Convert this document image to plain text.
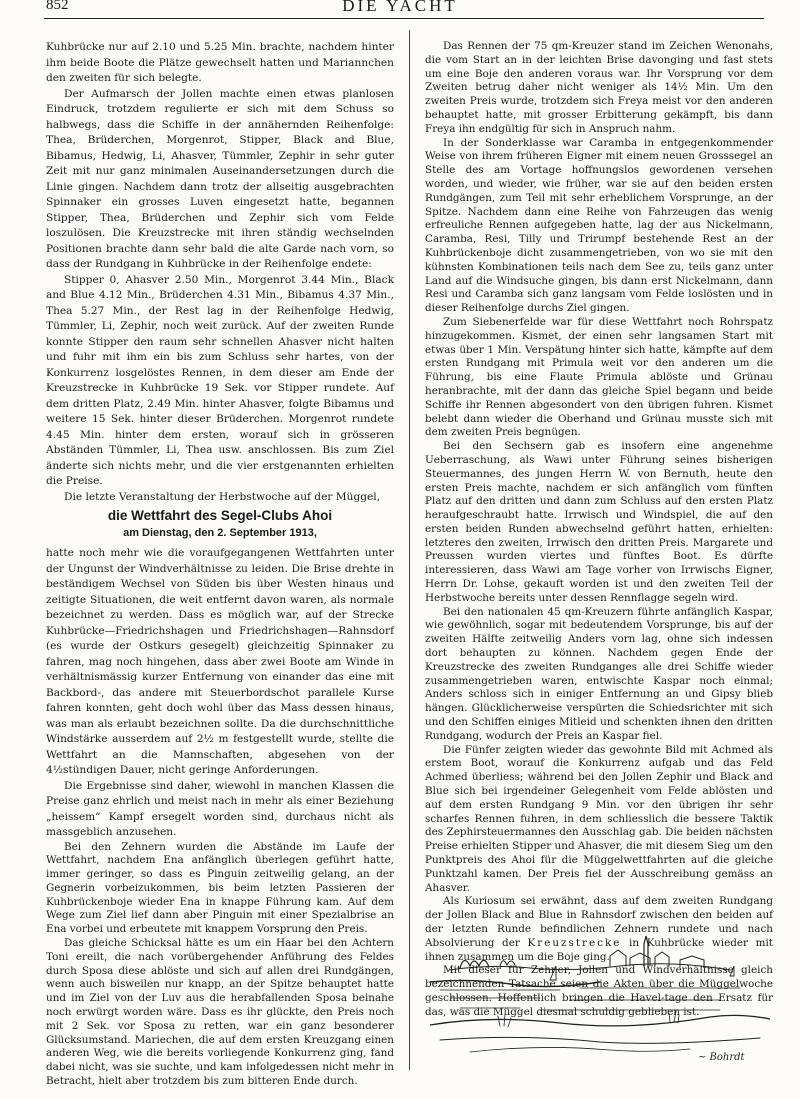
852	DIE YACHT

Kuhbrücke nur auf 2.10 und 5.25 Min. brachte, nachdem hinter ihm beide Boote die Plätze gewechselt hatten und Mariannchen den zweiten für sich belegte.

Der Aufmarsch der Jollen machte einen etwas planlosen Eindruck, trotzdem regulierte er sich mit dem Schuss so halbwegs, dass die Schiffe in der annähernden Reihenfolge: Thea, Brüderchen, Morgenrot, Stipper, Black and Blue, Bibamus, Hedwig, Li, Ahasver, Tümmler, Zephir in sehr guter Zeit mit nur ganz minimalen Auseinandersetzungen durch die Linie gingen. Nachdem dann trotz der allseitig ausgebrachten Spinnaker ein grosses Luven eingesetzt hatte, begannen Stipper, Thea, Brüderchen und Zephir sich vom Felde loszulösen. Die Kreuzstrecke mit ihren ständig wechselnden Positionen brachte dann sehr bald die alte Garde nach vorn, so dass der Rundgang in Kuhbrücke in der Reihenfolge endete:

Stipper 0, Ahasver 2.50 Min., Morgenrot 3.44 Min., Black and Blue 4.12 Min., Brüderchen 4.31 Min., Bibamus 4.37 Min., Thea 5.27 Min., der Rest lag in der Reihenfolge Hedwig, Tümmler, Li, Zephir, noch weit zurück. Auf der zweiten Runde konnte Stipper den raum sehr schnellen Ahasver nicht halten und fuhr mit ihm ein bis zum Schluss sehr hartes, von der Konkurrenz losgelöstes Rennen, in dem dieser am Ende der Kreuzstrecke in Kuhbrücke 19 Sek. vor Stipper rundete. Auf dem dritten Platz, 2.49 Min. hinter Ahasver, folgte Bibamus und weitere 15 Sek. hinter dieser Brüderchen. Morgenrot rundete 4.45 Min. hinter dem ersten, worauf sich in grösseren Abständen Tümmler, Li, Thea usw. anschlossen. Bis zum Ziel änderte sich nichts mehr, und die vier erstgenannten erhielten die Preise.

Die letzte Veranstaltung der Herbstwoche auf der Müggel,

die Wettfahrt des Segel-Clubs Ahoi
am Dienstag, den 2. September 1913,

hatte noch mehr wie die voraufgegangenen Wettfahrten unter der Ungunst der Windverhältnisse zu leiden. Die Brise drehte in beständigem Wechsel von Süden bis über Westen hinaus und zeitigte Situationen, die weit entfernt davon waren, als normale bezeichnet zu werden. Dass es möglich war, auf der Strecke Kuhbrücke—Friedrichshagen und Friedrichshagen—Rahnsdorf (es wurde der Ostkurs gesegelt) gleichzeitig Spinnaker zu fahren, mag noch hingehen, dass aber zwei Boote am Winde in verhältnismässig kurzer Entfernung von einander das eine mit Backbord-, das andere mit Steuerbordschot parallele Kurse fahren konnten, geht doch wohl über das Mass dessen hinaus, was man als erlaubt bezeichnen sollte. Da die durchschnittliche Windstärke ausserdem auf 2½ m festgestellt wurde, stellte die Wettfahrt an die Mannschaften, abgesehen von der 4½stündigen Dauer, nicht geringe Anforderungen.

Die Ergebnisse sind daher, wiewohl in manchen Klassen die Preise ganz ehrlich und meist nach in mehr als einer Beziehung „heissem“ Kampf ersegelt worden sind, durchaus nicht als massgeblich anzusehen.

Bei den Zehnern wurden die Abstände im Laufe der Wettfahrt, nachdem Ena anfänglich überlegen geführt hatte, immer geringer, so dass es Pinguin zeitweilig gelang, an der Gegnerin vorbeizukommen, bis beim letzten Passieren der Kuhbrückenboje wieder Ena in knappe Führung kam. Auf dem Wege zum Ziel lief dann aber Pinguin mit einer Spezialbrise an Ena vorbei und erbeutete mit knappem Vorsprung den Preis.

Das gleiche Schicksal hätte es um ein Haar bei den Achtern Toni ereilt, die nach vorübergehender Anführung des Feldes durch Sposa diese ablöste und sich auf allen drei Rundgängen, wenn auch bisweilen nur knapp, an der Spitze behauptet hatte und im Ziel von der Luv aus die herabfallenden Sposa beinahe noch erwürgt worden wäre. Dass es ihr glückte, den Preis noch mit 2 Sek. vor Sposa zu retten, war ein ganz besonderer Glücksumstand. Mariechen, die auf dem ersten Kreuzgang einen anderen Weg, wie die bereits vorliegende Konkurrenz ging, fand dabei nicht, was sie suchte, und kam infolgedessen nicht mehr in Betracht, hielt aber trotzdem bis zum bitteren Ende durch.

Das Rennen der 75 qm-Kreuzer stand im Zeichen Wenonahs, die vom Start an in der leichten Brise davonging und fast stets um eine Boje den anderen voraus war. Ihr Vorsprung vor dem Zweiten betrug daher nicht weniger als 14½ Min. Um den zweiten Preis wurde, trotzdem sich Freya meist vor den anderen behauptet hatte, mit grosser Erbitterung gekämpft, bis dann Freya ihn endgültig für sich in Anspruch nahm.

In der Sonderklasse war Caramba in entgegenkommender Weise von ihrem früheren Eigner mit einem neuen Grosssegel an Stelle des am Vortage hoffnungslos gewordenen versehen worden, und wieder, wie früher, war sie auf den beiden ersten Rundgängen, zum Teil mit sehr erheblichem Vorsprunge, an der Spitze. Nachdem dann eine Reihe von Fahrzeugen das wenig erfreuliche Rennen aufgegeben hatte, lag der aus Nickelmann, Caramba, Resi, Tilly und Trirumpf bestehende Rest an der Kuhbrückenboje dicht zusammengetrieben, von wo sie mit den kühnsten Kombinationen teils nach dem See zu, teils ganz unter Land auf die Windsuche gingen, bis dann erst Nickelmann, dann Resi und Caramba sich ganz langsam vom Felde loslösten und in dieser Reihenfolge durchs Ziel gingen.

Zum Siebenerfelde war für diese Wettfahrt noch Rohrspatz hinzugekommen. Kismet, der einen sehr langsamen Start mit etwas über 1 Min. Verspätung hinter sich hatte, kämpfte auf dem ersten Rundgang mit Primula weit vor den anderen um die Führung, bis eine Flaute Primula ablöste und Grünau heranbrachte, mit der dann das gleiche Spiel begann und beide Schiffe ihr Rennen abgesondert von den übrigen fuhren. Kismet belebt dann wieder die Oberhand und Grünau musste sich mit dem zweiten Preis begnügen.

Bei den Sechsern gab es insofern eine angenehme Ueberraschung, als Wawi unter Führung seines bisherigen Steuermannes, des jungen Herrn W. von Bernuth, heute den ersten Preis machte, nachdem er sich anfänglich vom fünften Platz auf den dritten und dann zum Schluss auf den ersten Platz heraufgeschraubt hatte. Irrwisch und Windspiel, die auf den ersten beiden Runden abwechselnd geführt hatten, erhielten: letzteres den zweiten, Irrwisch den dritten Preis. Margarete und Preussen wurden viertes und fünftes Boot. Es dürfte interessieren, dass Wawi am Tage vorher von Irrwischs Eigner, Herrn Dr. Lohse, gekauft worden ist und den zweiten Teil der Herbstwoche bereits unter dessen Rennflagge segeln wird.

Bei den nationalen 45 qm-Kreuzern führte anfänglich Kaspar, wie gewöhnlich, sogar mit bedeutendem Vorsprunge, bis auf der zweiten Hälfte zeitweilig Anders vorn lag, ohne sich indessen dort behaupten zu können. Nachdem gegen Ende der Kreuzstrecke des zweiten Rundganges alle drei Schiffe wieder zusammengetrieben waren, entwischte Kaspar noch einmal; Anders schloss sich in einiger Entfernung an und Gipsy blieb hängen. Glücklicherweise verspürten die Schiedsrichter mit sich und den Schiffen einiges Mitleid und schenkten ihnen den dritten Rundgang, wodurch der Preis an Kaspar fiel.

Die Fünfer zeigten wieder das gewohnte Bild mit Achmed als erstem Boot, worauf die Konkurrenz aufgab und das Feld Achmed überliess; während bei den Jollen Zephir und Black and Blue sich bei irgendeiner Gelegenheit vom Felde ablösten und auf dem ersten Rundgang 9 Min. vor den übrigen ihr sehr scharfes Rennen fuhren, in dem schliesslich die bessere Taktik des Zephirsteuermannes den Ausschlag gab. Die beiden nächsten Preise erhielten Stipper und Ahasver, die mit diesem Sieg um den Punktpreis des Ahoi für die Müggelwettfahrten auf die gleiche Punktzahl kamen. Der Preis fiel der Ausschreibung gemäss an Ahasver.

Als Kuriosum sei erwähnt, dass auf dem zweiten Rundgang der Jollen Black and Blue in Rahnsdorf zwischen den beiden auf der letzten Runde befindlichen Zehnern rundete und nach Absolvierung der Kreuzstrecke in Kuhbrücke wieder mit ihnen zusammen um die Boje ging.

Mit dieser für Zehner, Jollen und Windverhältnisse gleich bezeichnenden Tatsache seien die Akten über die Müggelwoche geschlossen. Hoffentlich bringen die Havel-tage den Ersatz für das, was die Müggel diesmal schuldig geblieben ist.

~ Bohrdt
